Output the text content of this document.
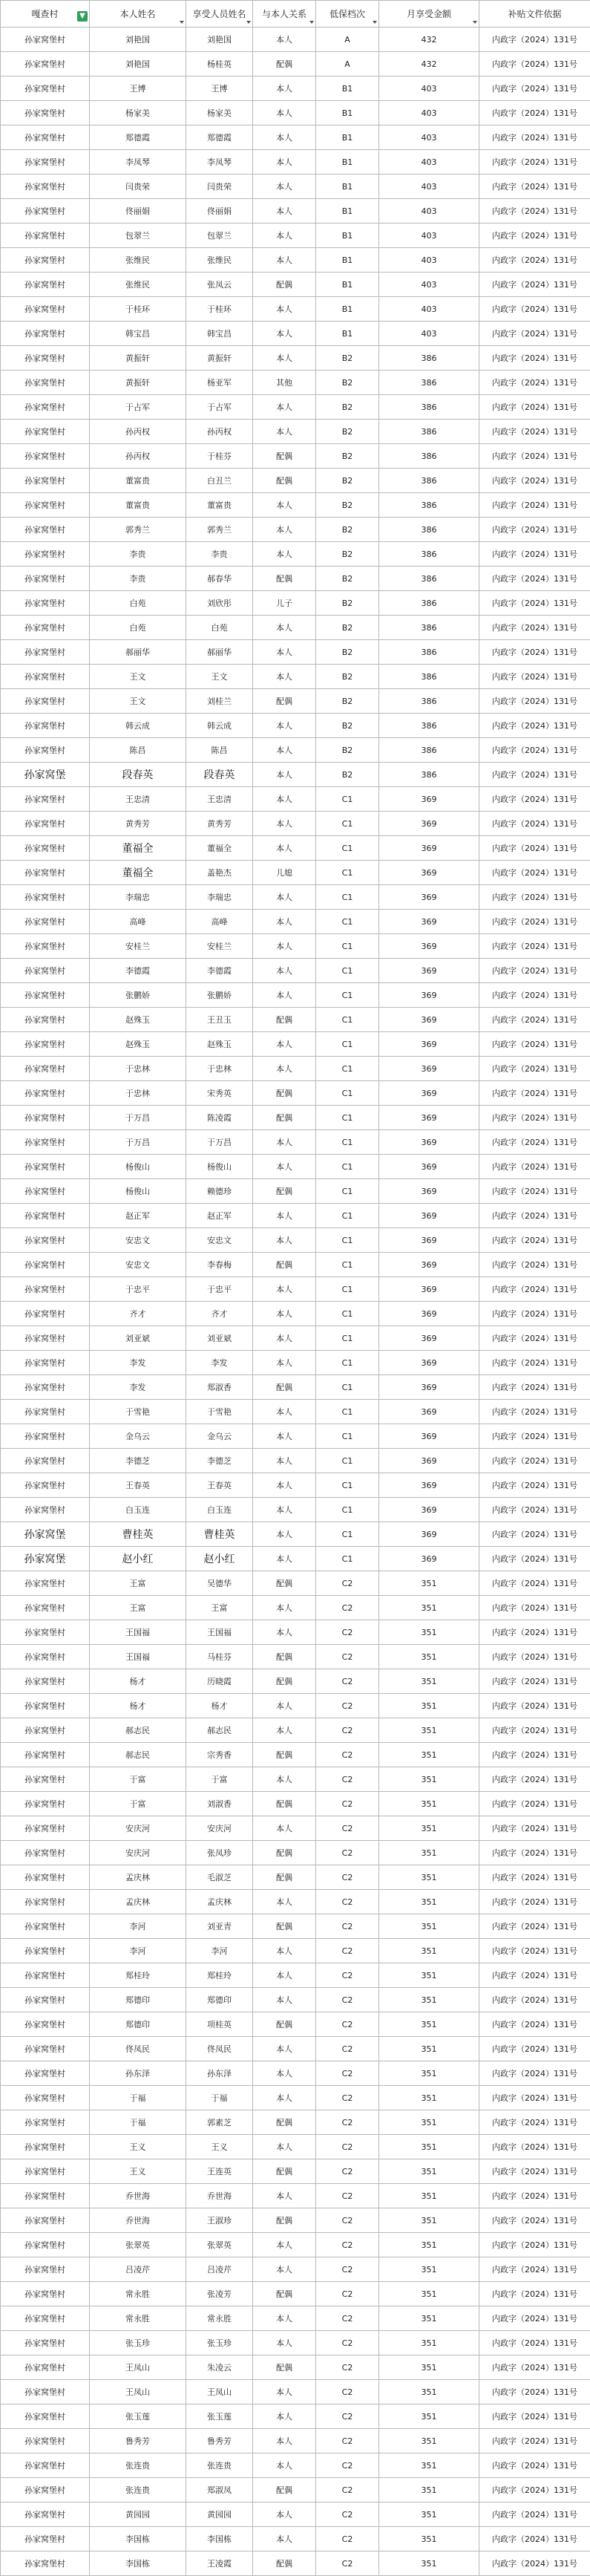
嘎查村 ▼	本人姓名	享受人员姓名	与本人关系	低保档次	月享受金额	补贴文件依据
孙家窝堡村	刘艳国	刘艳国	本人	A	432	内政字（2024）131号
孙家窝堡村	刘艳国	杨桂英	配偶	A	432	内政字（2024）131号
孙家窝堡村	王博	王博	本人	B1	403	内政字（2024）131号
孙家窝堡村	杨家美	杨家美	本人	B1	403	内政字（2024）131号
孙家窝堡村	郑德霞	郑德霞	本人	B1	403	内政字（2024）131号
孙家窝堡村	李凤琴	李凤琴	本人	B1	403	内政字（2024）131号
孙家窝堡村	闫贵荣	闫贵荣	本人	B1	403	内政字（2024）131号
孙家窝堡村	佟丽娟	佟丽娟	本人	B1	403	内政字（2024）131号
孙家窝堡村	包翠兰	包翠兰	本人	B1	403	内政字（2024）131号
孙家窝堡村	张维民	张维民	本人	B1	403	内政字（2024）131号
孙家窝堡村	张维民	张凤云	配偶	B1	403	内政字（2024）131号
孙家窝堡村	于桂环	于桂环	本人	B1	403	内政字（2024）131号
孙家窝堡村	韩宝昌	韩宝昌	本人	B1	403	内政字（2024）131号
孙家窝堡村	黄振轩	黄振轩	本人	B2	386	内政字（2024）131号
孙家窝堡村	黄振轩	杨亚军	其他	B2	386	内政字（2024）131号
孙家窝堡村	于占军	于占军	本人	B2	386	内政字（2024）131号
孙家窝堡村	孙丙权	孙丙权	本人	B2	386	内政字（2024）131号
孙家窝堡村	孙丙权	于桂芬	配偶	B2	386	内政字（2024）131号
孙家窝堡村	董富贵	白丑兰	配偶	B2	386	内政字（2024）131号
孙家窝堡村	董富贵	董富贵	本人	B2	386	内政字（2024）131号
孙家窝堡村	郭秀兰	郭秀兰	本人	B2	386	内政字（2024）131号
孙家窝堡村	李贵	李贵	本人	B2	386	内政字（2024）131号
孙家窝堡村	李贵	郝春华	配偶	B2	386	内政字（2024）131号
孙家窝堡村	白苑	刘欣彤	儿子	B2	386	内政字（2024）131号
孙家窝堡村	白苑	白苑	本人	B2	386	内政字（2024）131号
孙家窝堡村	郝丽华	郝丽华	本人	B2	386	内政字（2024）131号
孙家窝堡村	王文	王文	本人	B2	386	内政字（2024）131号
孙家窝堡村	王文	刘桂兰	配偶	B2	386	内政字（2024）131号
孙家窝堡村	韩云成	韩云成	本人	B2	386	内政字（2024）131号
孙家窝堡村	陈昌	陈昌	本人	B2	386	内政字（2024）131号
孙家窝堡	段春英	段春英	本人	B2	386	内政字（2024）131号
孙家窝堡村	王忠清	王忠清	本人	C1	369	内政字（2024）131号
孙家窝堡村	黄秀芳	黄秀芳	本人	C1	369	内政字（2024）131号
孙家窝堡村	董福全	董福全	本人	C1	369	内政字（2024）131号
孙家窝堡村	董福全	盖艳杰	儿媳	C1	369	内政字（2024）131号
孙家窝堡村	李瑞忠	李瑞忠	本人	C1	369	内政字（2024）131号
孙家窝堡村	高峰	高峰	本人	C1	369	内政字（2024）131号
孙家窝堡村	安桂兰	安桂兰	本人	C1	369	内政字（2024）131号
孙家窝堡村	李德霞	李德霞	本人	C1	369	内政字（2024）131号
孙家窝堡村	张鹏娇	张鹏娇	本人	C1	369	内政字（2024）131号
孙家窝堡村	赵殊玉	王丑玉	配偶	C1	369	内政字（2024）131号
孙家窝堡村	赵殊玉	赵殊玉	本人	C1	369	内政字（2024）131号
孙家窝堡村	于忠林	于忠林	本人	C1	369	内政字（2024）131号
孙家窝堡村	于忠林	宋秀英	配偶	C1	369	内政字（2024）131号
孙家窝堡村	于万昌	陈凌霞	配偶	C1	369	内政字（2024）131号
孙家窝堡村	于万昌	于万昌	本人	C1	369	内政字（2024）131号
孙家窝堡村	杨俊山	杨俊山	本人	C1	369	内政字（2024）131号
孙家窝堡村	杨俊山	赖德珍	配偶	C1	369	内政字（2024）131号
孙家窝堡村	赵正军	赵正军	本人	C1	369	内政字（2024）131号
孙家窝堡村	安忠文	安忠文	本人	C1	369	内政字（2024）131号
孙家窝堡村	安忠文	李春梅	配偶	C1	369	内政字（2024）131号
孙家窝堡村	于忠平	于忠平	本人	C1	369	内政字（2024）131号
孙家窝堡村	齐才	齐才	本人	C1	369	内政字（2024）131号
孙家窝堡村	刘亚斌	刘亚斌	本人	C1	369	内政字（2024）131号
孙家窝堡村	李发	李发	本人	C1	369	内政字（2024）131号
孙家窝堡村	李发	郑淑香	配偶	C1	369	内政字（2024）131号
孙家窝堡村	于雪艳	于雪艳	本人	C1	369	内政字（2024）131号
孙家窝堡村	金乌云	金乌云	本人	C1	369	内政字（2024）131号
孙家窝堡村	李德芝	李德芝	本人	C1	369	内政字（2024）131号
孙家窝堡村	王春英	王春英	本人	C1	369	内政字（2024）131号
孙家窝堡村	白玉连	白玉连	本人	C1	369	内政字（2024）131号
孙家窝堡	曹桂英	曹桂英	本人	C1	369	内政字（2024）131号
孙家窝堡	赵小红	赵小红	本人	C1	369	内政字（2024）131号
孙家窝堡村	王富	吴德华	配偶	C2	351	内政字（2024）131号
孙家窝堡村	王富	王富	本人	C2	351	内政字（2024）131号
孙家窝堡村	王国福	王国福	本人	C2	351	内政字（2024）131号
孙家窝堡村	王国福	马桂芬	配偶	C2	351	内政字（2024）131号
孙家窝堡村	杨才	历晓霞	配偶	C2	351	内政字（2024）131号
孙家窝堡村	杨才	杨才	本人	C2	351	内政字（2024）131号
孙家窝堡村	郝志民	郝志民	本人	C2	351	内政字（2024）131号
孙家窝堡村	郝志民	宗秀香	配偶	C2	351	内政字（2024）131号
孙家窝堡村	于富	于富	本人	C2	351	内政字（2024）131号
孙家窝堡村	于富	刘淑香	配偶	C2	351	内政字（2024）131号
孙家窝堡村	安庆河	安庆河	本人	C2	351	内政字（2024）131号
孙家窝堡村	安庆河	张凤珍	配偶	C2	351	内政字（2024）131号
孙家窝堡村	孟庆林	毛淑芝	配偶	C2	351	内政字（2024）131号
孙家窝堡村	孟庆林	孟庆林	本人	C2	351	内政字（2024）131号
孙家窝堡村	李河	刘亚青	配偶	C2	351	内政字（2024）131号
孙家窝堡村	李河	李河	本人	C2	351	内政字（2024）131号
孙家窝堡村	郑桂玲	郑桂玲	本人	C2	351	内政字（2024）131号
孙家窝堡村	郑德印	郑德印	本人	C2	351	内政字（2024）131号
孙家窝堡村	郑德印	项桂英	配偶	C2	351	内政字（2024）131号
孙家窝堡村	佟凤民	佟凤民	本人	C2	351	内政字（2024）131号
孙家窝堡村	孙东泽	孙东泽	本人	C2	351	内政字（2024）131号
孙家窝堡村	于福	于福	本人	C2	351	内政字（2024）131号
孙家窝堡村	于福	郭素芝	配偶	C2	351	内政字（2024）131号
孙家窝堡村	王义	王义	本人	C2	351	内政字（2024）131号
孙家窝堡村	王义	王连英	配偶	C2	351	内政字（2024）131号
孙家窝堡村	乔世海	乔世海	本人	C2	351	内政字（2024）131号
孙家窝堡村	乔世海	王淑珍	配偶	C2	351	内政字（2024）131号
孙家窝堡村	张翠英	张翠英	本人	C2	351	内政字（2024）131号
孙家窝堡村	吕凌芹	吕凌芹	本人	C2	351	内政字（2024）131号
孙家窝堡村	常永胜	张凌芳	配偶	C2	351	内政字（2024）131号
孙家窝堡村	常永胜	常永胜	本人	C2	351	内政字（2024）131号
孙家窝堡村	张玉珍	张玉珍	本人	C2	351	内政字（2024）131号
孙家窝堡村	王凤山	朱凌云	配偶	C2	351	内政字（2024）131号
孙家窝堡村	王凤山	王凤山	本人	C2	351	内政字（2024）131号
孙家窝堡村	张玉莲	张玉莲	本人	C2	351	内政字（2024）131号
孙家窝堡村	鲁秀芳	鲁秀芳	本人	C2	351	内政字（2024）131号
孙家窝堡村	张连贵	张连贵	本人	C2	351	内政字（2024）131号
孙家窝堡村	张连贵	郑淑凤	配偶	C2	351	内政字（2024）131号
孙家窝堡村	黄园园	黄园园	本人	C2	351	内政字（2024）131号
孙家窝堡村	李国栋	李国栋	本人	C2	351	内政字（2024）131号
孙家窝堡村	李国栋	王凌霞	配偶	C2	351	内政字（2024）131号
